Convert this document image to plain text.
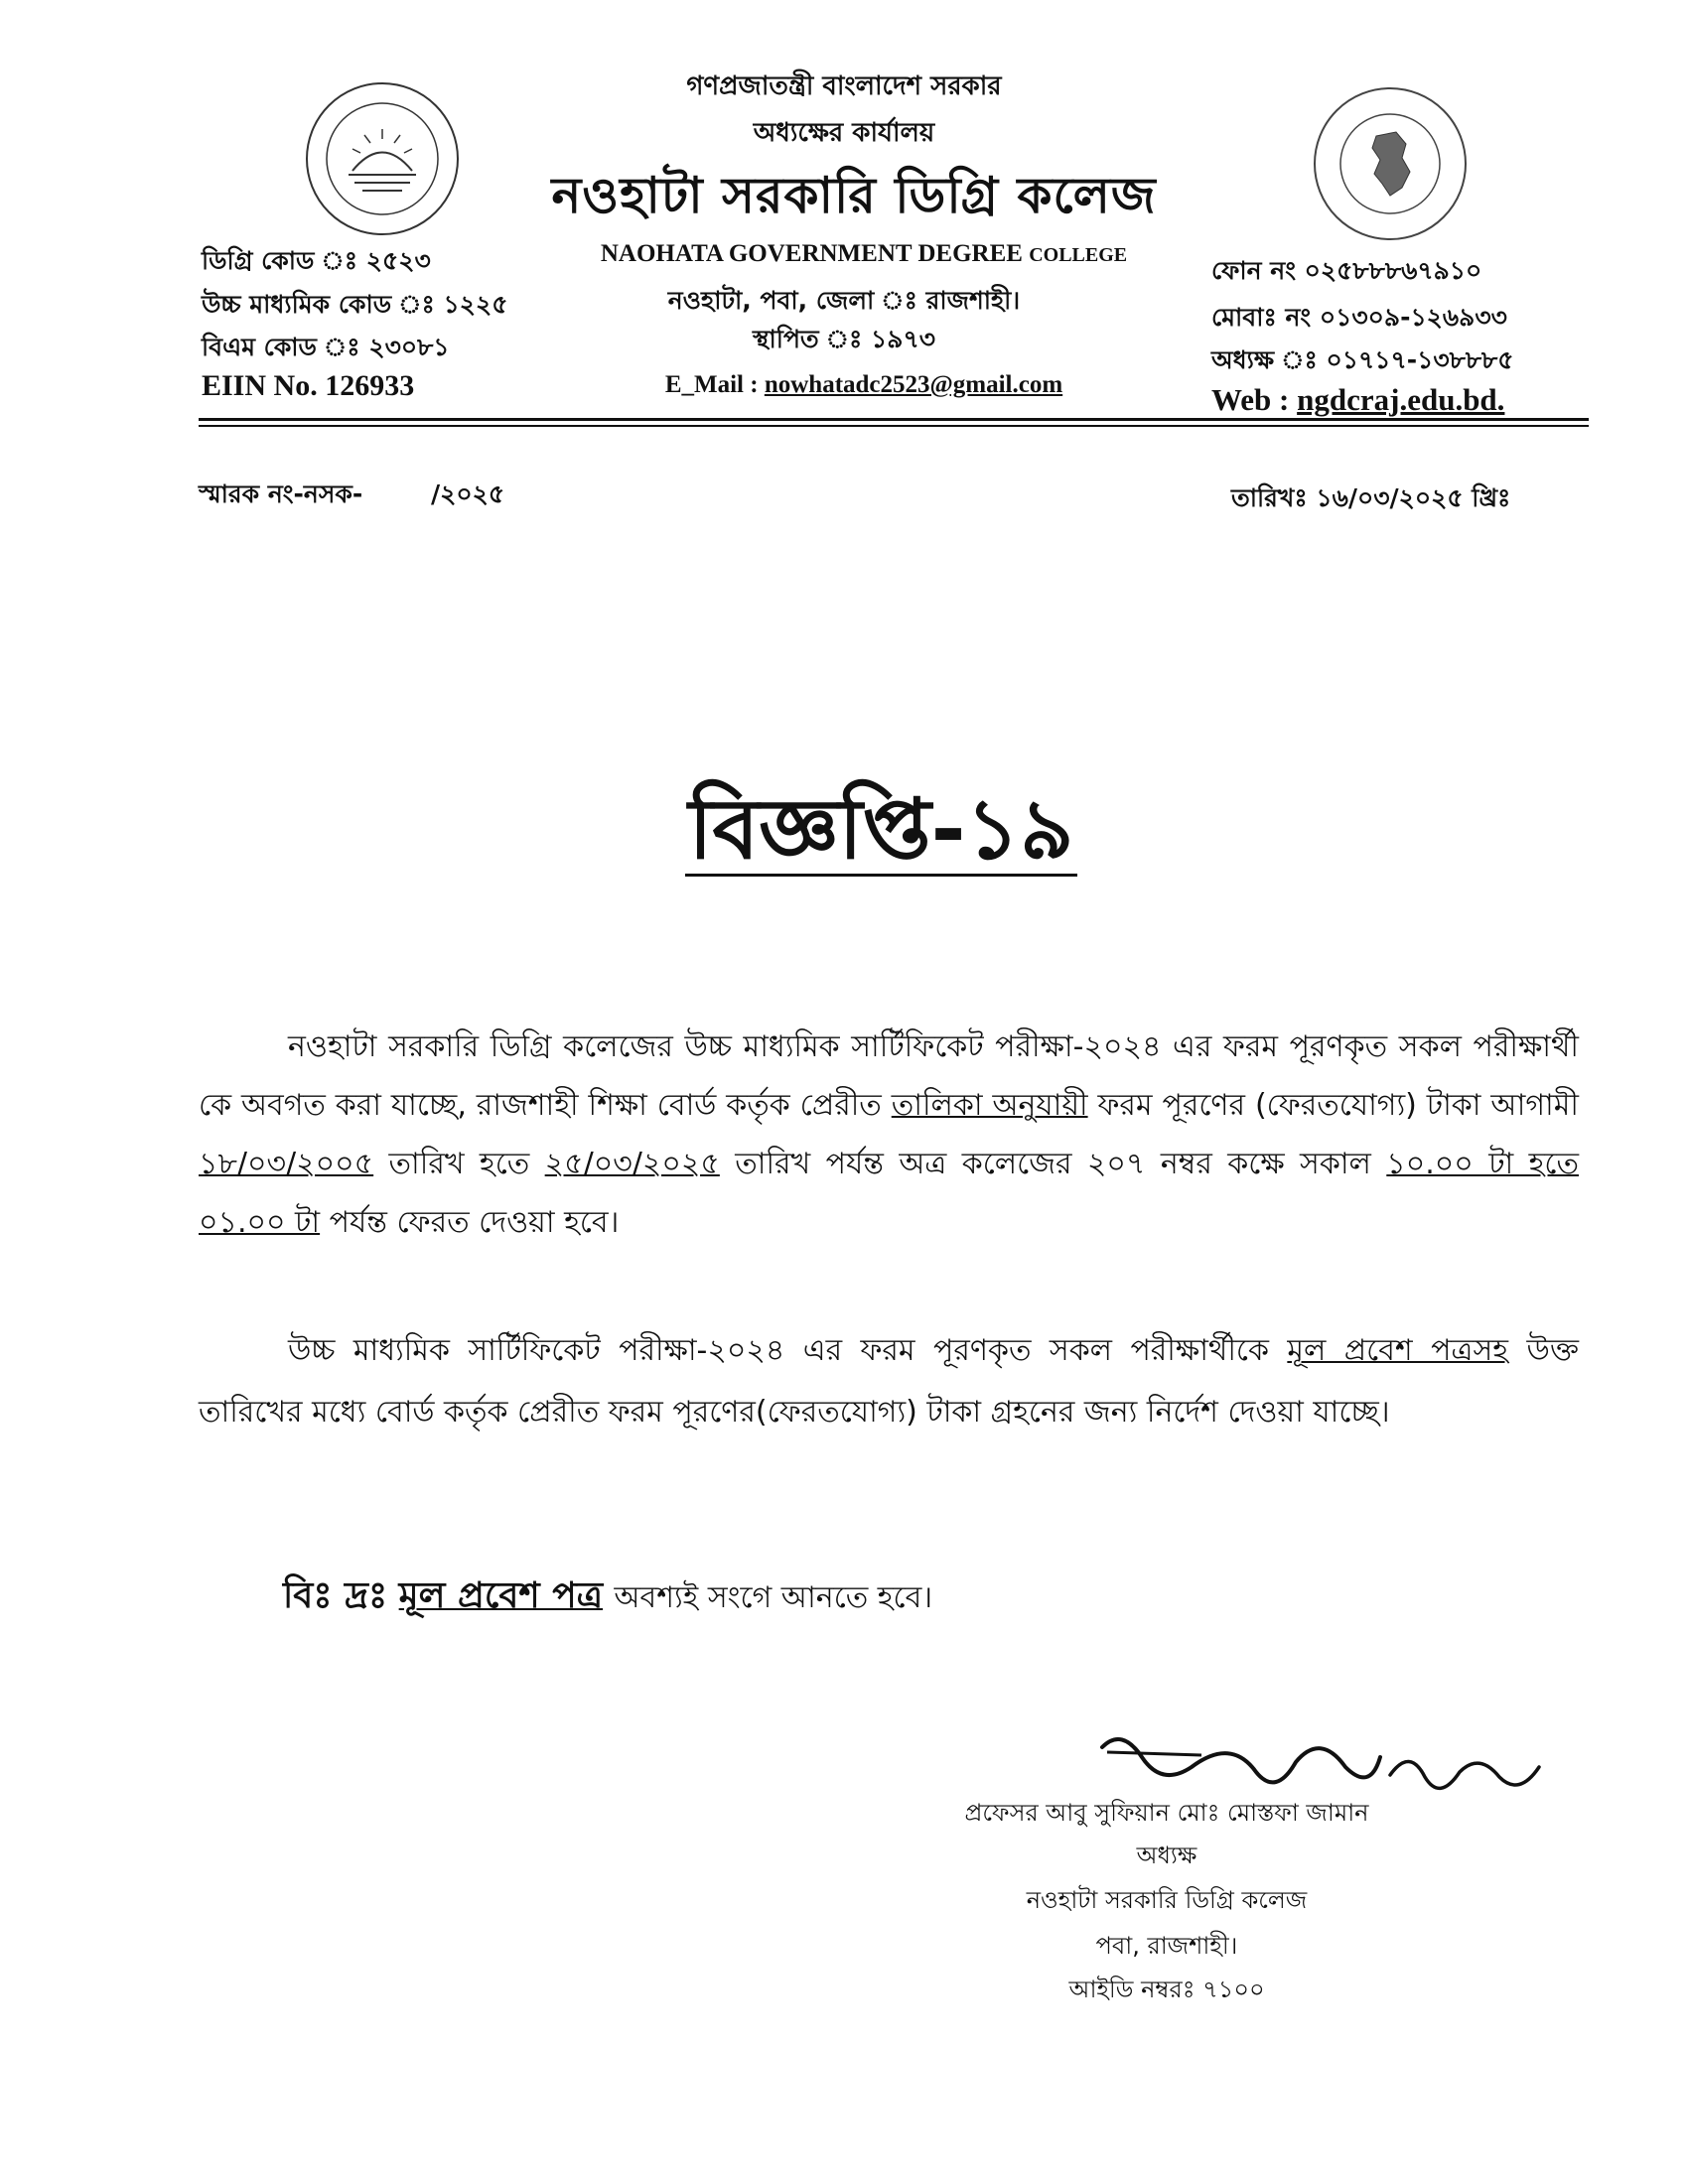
গণপ্রজাতন্ত্রী বাংলাদেশ সরকার
অধ্যক্ষের কার্যালয়
নওহাটা সরকারি ডিগ্রি কলেজ
NAOHATA GOVERNMENT DEGREE COLLEGE
নওহাটা, পবা, জেলা ঃ রাজশাহী।
স্থাপিত ঃ ১৯৭৩
E_Mail : nowhatadc2523@gmail.com
ডিগ্রি কোড ঃ ২৫২৩
উচ্চ মাধ্যমিক কোড ঃ ১২২৫
বিএম কোড ঃ ২৩০৮১
EIIN No. 126933
ফোন নং ০২৫৮৮৮৬৭৯১০
মোবাঃ নং ০১৩০৯-১২৬৯৩৩
অধ্যক্ষ ঃ ০১৭১৭-১৩৮৮৮৫
Web : ngdcraj.edu.bd.
স্মারক নং-নসক-	/২০২৫	তারিখঃ ১৬/০৩/২০২৫ খ্রিঃ
বিজ্ঞপ্তি-১৯
নওহাটা সরকারি ডিগ্রি কলেজের উচ্চ মাধ্যমিক সার্টিফিকেট পরীক্ষা-২০২৪ এর ফরম পূরণকৃত সকল পরীক্ষার্থী কে অবগত করা যাচ্ছে, রাজশাহী শিক্ষা বোর্ড কর্তৃক প্রেরীত তালিকা অনুযায়ী ফরম পূরণের (ফেরতযোগ্য) টাকা আগামী ১৮/০৩/২০০৫ তারিখ হতে ২৫/০৩/২০২৫ তারিখ পর্যন্ত অত্র কলেজের ২০৭ নম্বর কক্ষে সকাল ১০.০০ টা হতে ০১.০০ টা পর্যন্ত ফেরত দেওয়া হবে।
উচ্চ মাধ্যমিক সার্টিফিকেট পরীক্ষা-২০২৪ এর ফরম পূরণকৃত সকল পরীক্ষার্থীকে মূল প্রবেশ পত্রসহ উক্ত তারিখের মধ্যে বোর্ড কর্তৃক প্রেরীত ফরম পূরণের(ফেরতযোগ্য) টাকা গ্রহনের জন্য নির্দেশ দেওয়া যাচ্ছে।
বিঃ দ্রঃ মূল প্রবেশ পত্র অবশ্যই সংগে আনতে হবে।
প্রফেসর আবু সুফিয়ান মোঃ মোস্তফা জামান
অধ্যক্ষ
নওহাটা সরকারি ডিগ্রি কলেজ
পবা, রাজশাহী।
আইডি নম্বরঃ ৭১০০
